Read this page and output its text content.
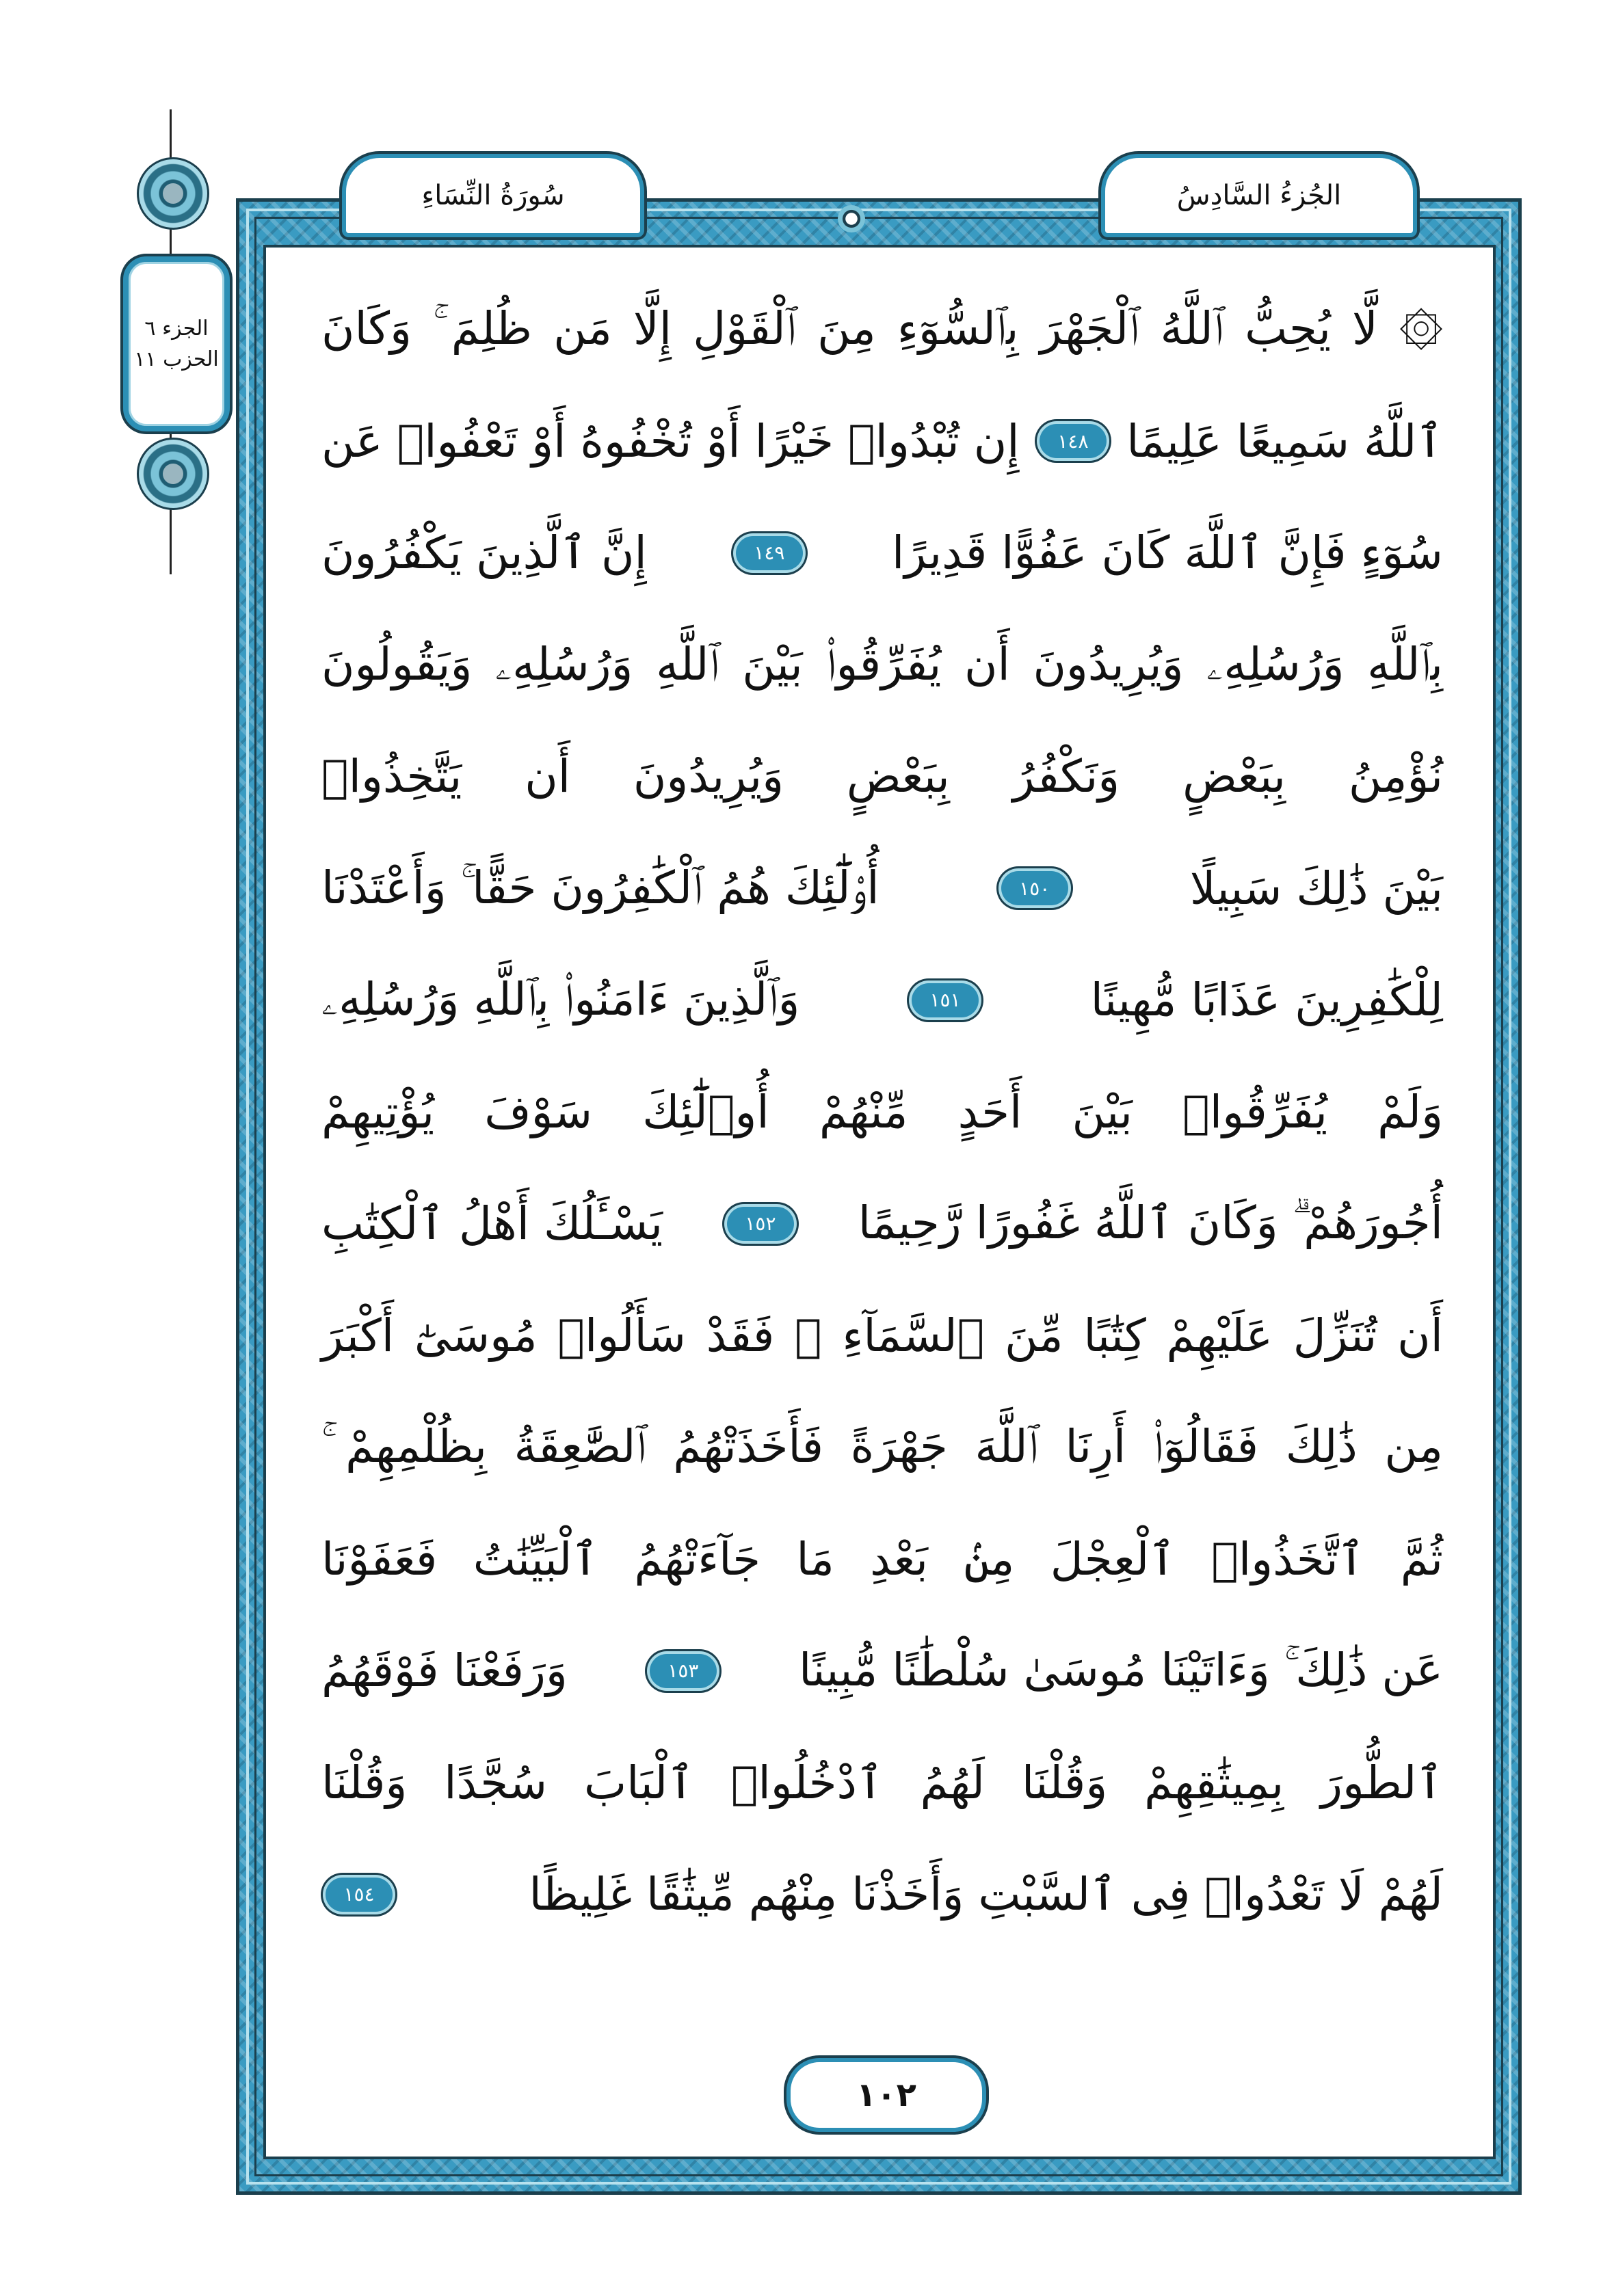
الجزء ٦
الحزب ١١
الجُزءُ السَّادِسُ
سُورَةُ النِّسَاءِ
۞ لَّا يُحِبُّ ٱللَّهُ ٱلْجَهْرَ بِٱلسُّوٓءِ مِنَ ٱلْقَوْلِ إِلَّا مَن ظُلِمَ ۚ وَكَانَ
ٱللَّهُ سَمِيعًا عَلِيمًا
١٤٨
إِن تُبْدُوا۟ خَيْرًا أَوْ تُخْفُوهُ أَوْ تَعْفُوا۟ عَن
سُوٓءٍ فَإِنَّ ٱللَّهَ كَانَ عَفُوًّا قَدِيرًا
١٤٩
إِنَّ ٱلَّذِينَ يَكْفُرُونَ
بِٱللَّهِ وَرُسُلِهِۦ وَيُرِيدُونَ أَن يُفَرِّقُوا۟ بَيْنَ ٱللَّهِ وَرُسُلِهِۦ وَيَقُولُونَ
نُؤْمِنُ بِبَعْضٍ وَنَكْفُرُ بِبَعْضٍ وَيُرِيدُونَ أَن يَتَّخِذُوا۟
بَيْنَ ذَٰلِكَ سَبِيلًا
١٥٠
أُو۟لَٰٓئِكَ هُمُ ٱلْكَٰفِرُونَ حَقًّا ۚ وَأَعْتَدْنَا
لِلْكَٰفِرِينَ عَذَابًا مُّهِينًا
١٥١
وَٱلَّذِينَ ءَامَنُوا۟ بِٱللَّهِ وَرُسُلِهِۦ
وَلَمْ يُفَرِّقُوا۟ بَيْنَ أَحَدٍ مِّنْهُمْ أُو۟لَٰٓئِكَ سَوْفَ يُؤْتِيهِمْ
أُجُورَهُمْ ۗ وَكَانَ ٱللَّهُ غَفُورًا رَّحِيمًا
١٥٢
يَسْـَٔلُكَ أَهْلُ ٱلْكِتَٰبِ
أَن تُنَزِّلَ عَلَيْهِمْ كِتَٰبًا مِّنَ ٱلسَّمَآءِ ۚ فَقَدْ سَأَلُوا۟ مُوسَىٰٓ أَكْبَرَ
مِن ذَٰلِكَ فَقَالُوٓا۟ أَرِنَا ٱللَّهَ جَهْرَةً فَأَخَذَتْهُمُ ٱلصَّٰعِقَةُ بِظُلْمِهِمْ ۚ
ثُمَّ ٱتَّخَذُوا۟ ٱلْعِجْلَ مِنۢ بَعْدِ مَا جَآءَتْهُمُ ٱلْبَيِّنَٰتُ فَعَفَوْنَا
عَن ذَٰلِكَ ۚ وَءَاتَيْنَا مُوسَىٰ سُلْطَٰنًا مُّبِينًا
١٥٣
وَرَفَعْنَا فَوْقَهُمُ
ٱلطُّورَ بِمِيثَٰقِهِمْ وَقُلْنَا لَهُمُ ٱدْخُلُوا۟ ٱلْبَابَ سُجَّدًا وَقُلْنَا
لَهُمْ لَا تَعْدُوا۟ فِى ٱلسَّبْتِ وَأَخَذْنَا مِنْهُم مِّيثَٰقًا غَلِيظًا
١٥٤
١٠٢
